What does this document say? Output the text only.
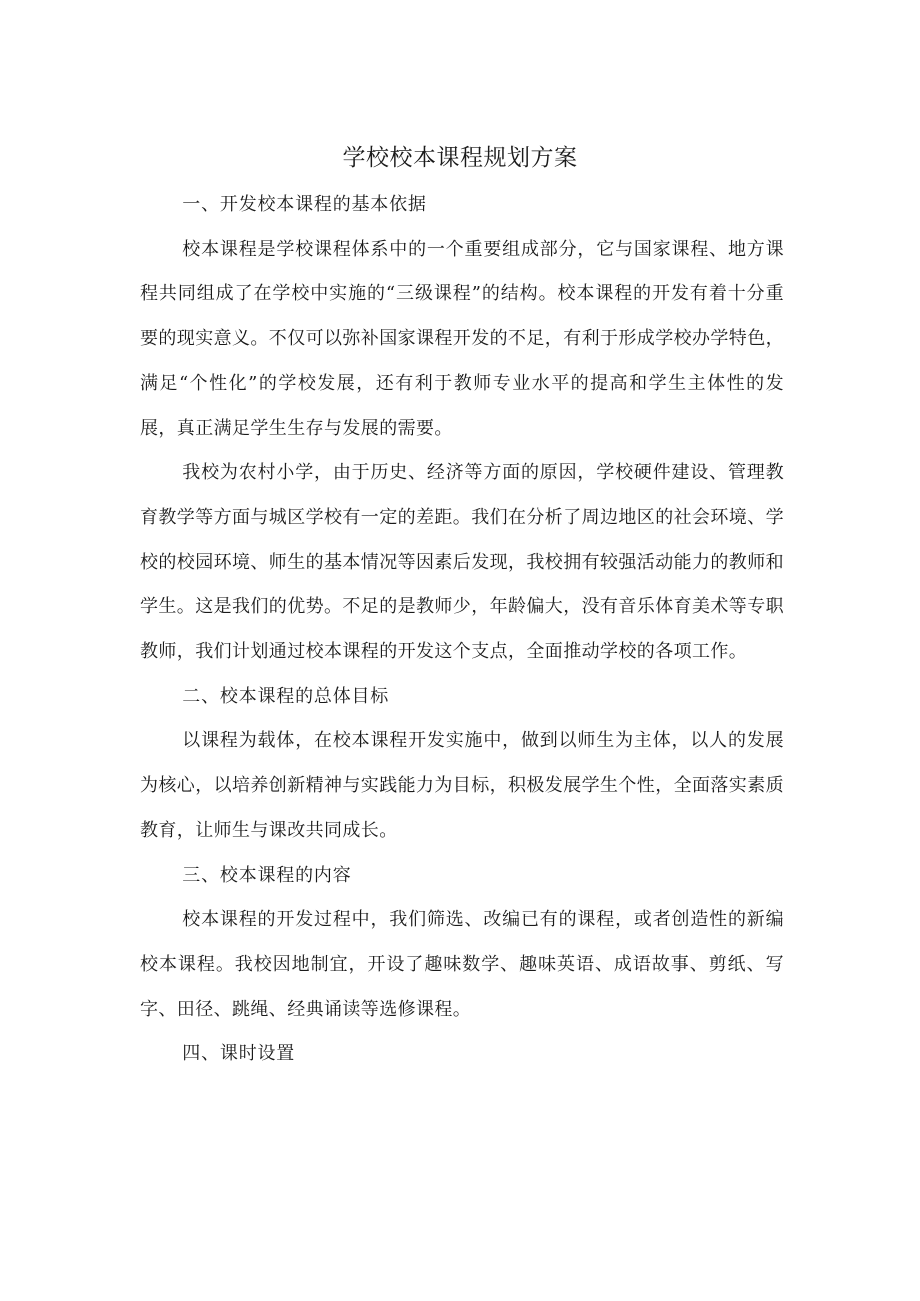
学校校本课程规划方案

一、开发校本课程的基本依据

校本课程是学校课程体系中的一个重要组成部分，它与国家课程、地方课程共同组成了在学校中实施的“三级课程”的结构。校本课程的开发有着十分重要的现实意义。不仅可以弥补国家课程开发的不足，有利于形成学校办学特色，满足“个性化”的学校发展，还有利于教师专业水平的提高和学生主体性的发展，真正满足学生生存与发展的需要。

我校为农村小学，由于历史、经济等方面的原因，学校硬件建设、管理教育教学等方面与城区学校有一定的差距。我们在分析了周边地区的社会环境、学校的校园环境、师生的基本情况等因素后发现，我校拥有较强活动能力的教师和学生。这是我们的优势。不足的是教师少，年龄偏大，没有音乐体育美术等专职教师，我们计划通过校本课程的开发这个支点，全面推动学校的各项工作。

二、校本课程的总体目标

以课程为载体，在校本课程开发实施中，做到以师生为主体，以人的发展为核心，以培养创新精神与实践能力为目标，积极发展学生个性，全面落实素质教育，让师生与课改共同成长。

三、校本课程的内容

校本课程的开发过程中，我们筛选、改编已有的课程，或者创造性的新编校本课程。我校因地制宜，开设了趣味数学、趣味英语、成语故事、剪纸、写字、田径、跳绳、经典诵读等选修课程。

四、课时设置
